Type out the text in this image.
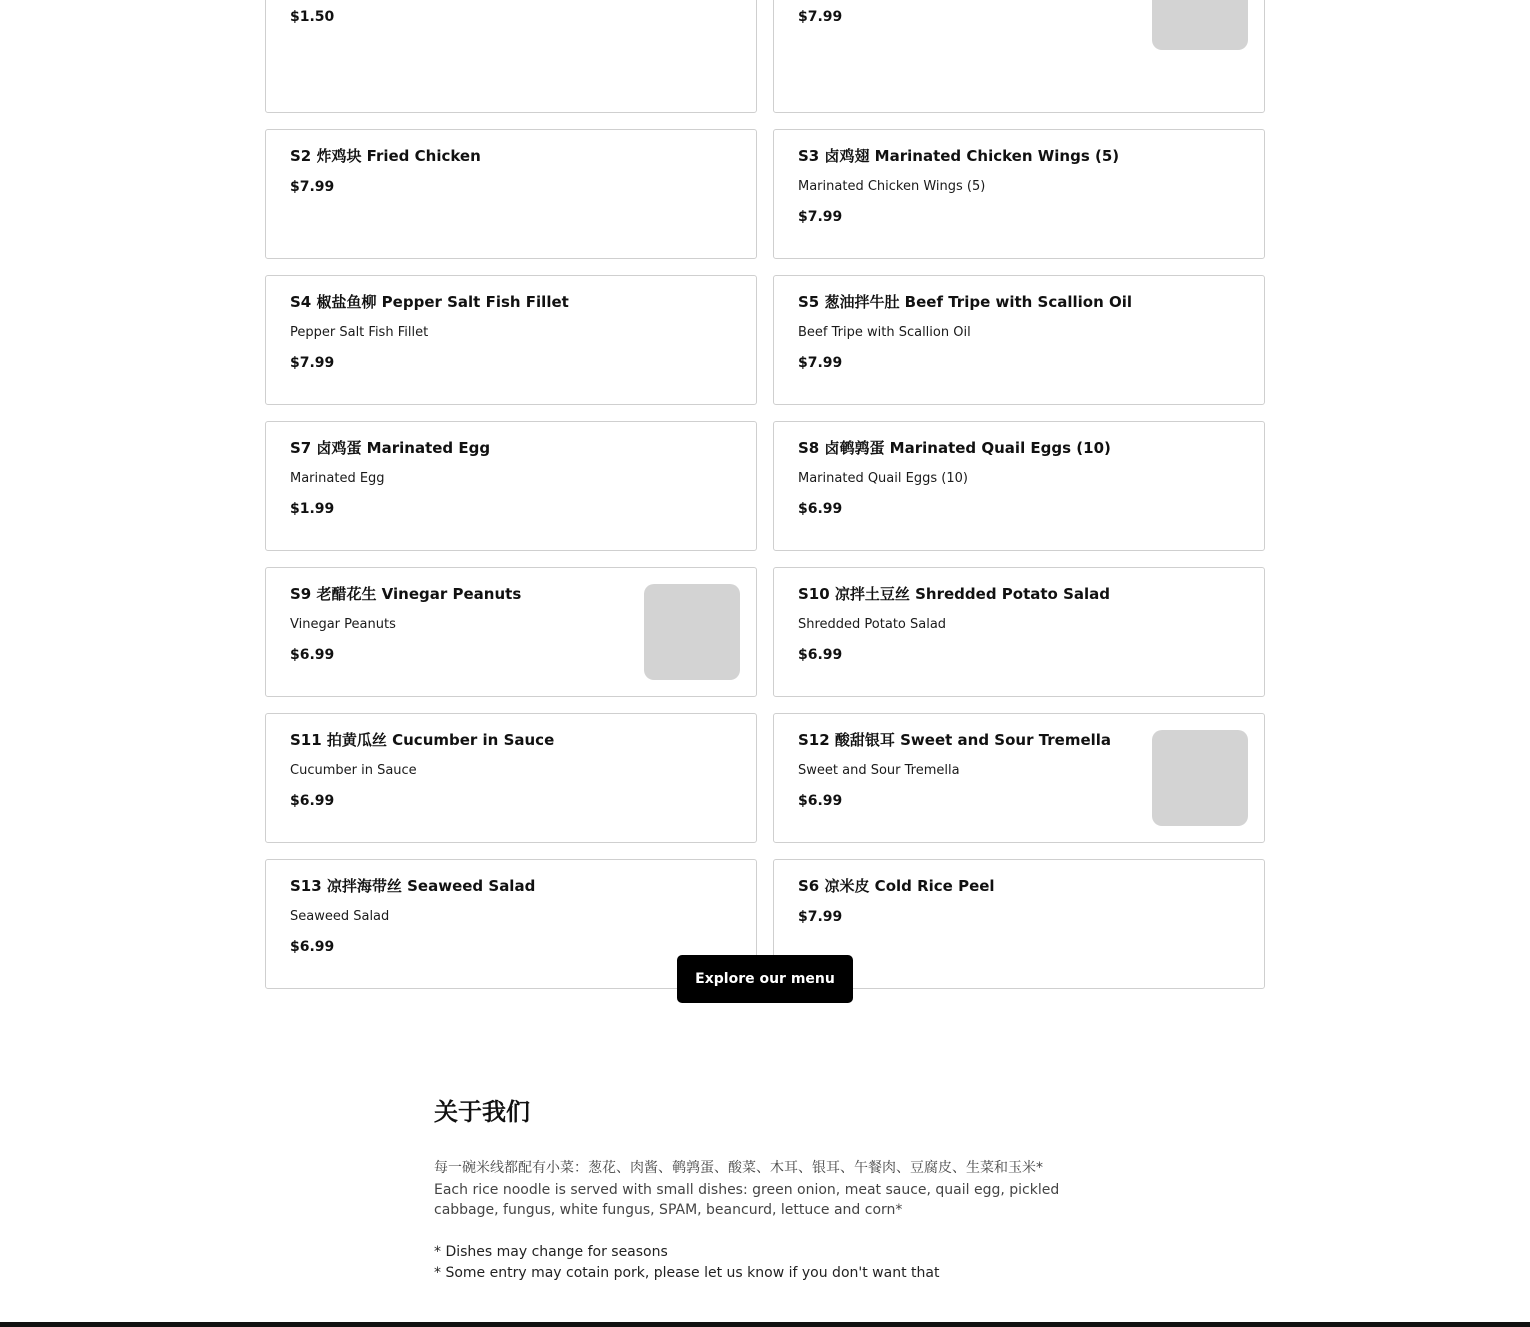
$1.50	$7.99
S2 炸鸡块 Fried Chicken
$7.99
S3 卤鸡翅 Marinated Chicken Wings (5)
Marinated Chicken Wings (5)
$7.99
S4 椒盐鱼柳 Pepper Salt Fish Fillet
Pepper Salt Fish Fillet
$7.99
S5 葱油拌牛肚 Beef Tripe with Scallion Oil
Beef Tripe with Scallion Oil
$7.99
S7 卤鸡蛋 Marinated Egg
Marinated Egg
$1.99
S8 卤鹌鹑蛋 Marinated Quail Eggs (10)
Marinated Quail Eggs (10)
$6.99
S9 老醋花生 Vinegar Peanuts
Vinegar Peanuts
$6.99
S10 凉拌土豆丝 Shredded Potato Salad
Shredded Potato Salad
$6.99
S11 拍黄瓜丝 Cucumber in Sauce
Cucumber in Sauce
$6.99
S12 酸甜银耳 Sweet and Sour Tremella
Sweet and Sour Tremella
$6.99
S13 凉拌海带丝 Seaweed Salad
Seaweed Salad
$6.99
S6 凉米皮 Cold Rice Peel
$7.99
Explore our menu
关于我们

每一碗米线都配有小菜：葱花、肉酱、鹌鹑蛋、酸菜、木耳、银耳、午餐肉、豆腐皮、生菜和玉米*

Each rice noodle is served with small dishes: green onion, meat sauce, quail egg, pickled cabbage, fungus, white fungus, SPAM, beancurd, lettuce and corn*

* Dishes may change for seasons
* Some entry may cotain pork, please let us know if you don't want that
